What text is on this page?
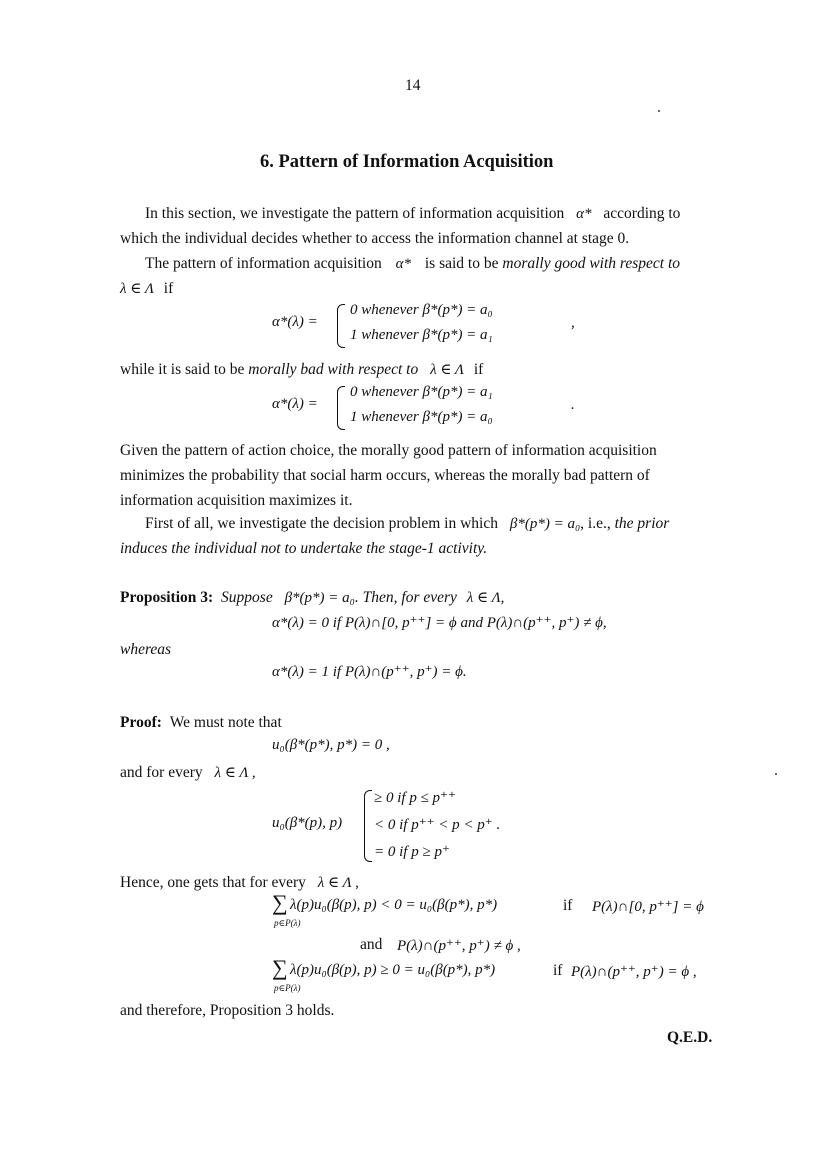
14
6. Pattern of Information Acquisition
In this section, we investigate the pattern of information acquisition α* according to
which the individual decides whether to access the information channel at stage 0.
The pattern of information acquisition α* is said to be morally good with respect to
λ ∈ Λ if
α*(λ) =
0 whenever β*(p*) = a₀
1 whenever β*(p*) = a₁
,
while it is said to be morally bad with respect to λ ∈ Λ if
α*(λ) =
0 whenever β*(p*) = a₁
1 whenever β*(p*) = a₀
.
Given the pattern of action choice, the morally good pattern of information acquisition
minimizes the probability that social harm occurs, whereas the morally bad pattern of
information acquisition maximizes it.
First of all, we investigate the decision problem in which β*(p*) = a₀, i.e., the prior
induces the individual not to undertake the stage-1 activity.
Proposition 3: Suppose β*(p*) = a₀. Then, for every λ ∈ Λ,
α*(λ) = 0 if P(λ)∩[0, p⁺⁺] = ϕ and P(λ)∩(p⁺⁺, p⁺) ≠ ϕ,
whereas
α*(λ) = 1 if P(λ)∩(p⁺⁺, p⁺) = ϕ.
Proof: We must note that
u₀(β*(p*), p*) = 0 ,
and for every λ ∈ Λ ,
u₀(β*(p), p)
≥ 0 if p ≤ p⁺⁺
< 0 if p⁺⁺ < p < p⁺ .
= 0 if p ≥ p⁺
Hence, one gets that for every λ ∈ Λ ,
∑
p∈P(λ)
λ(p)u₀(β(p), p) < 0 = u₀(β(p*), p*)	if P(λ)∩[0, p⁺⁺] = ϕ
and P(λ)∩(p⁺⁺, p⁺) ≠ ϕ ,
∑
p∈P(λ)
λ(p)u₀(β(p), p) ≥ 0 = u₀(β(p*), p*)	if P(λ)∩(p⁺⁺, p⁺) = ϕ ,
and therefore, Proposition 3 holds.
Q.E.D.
